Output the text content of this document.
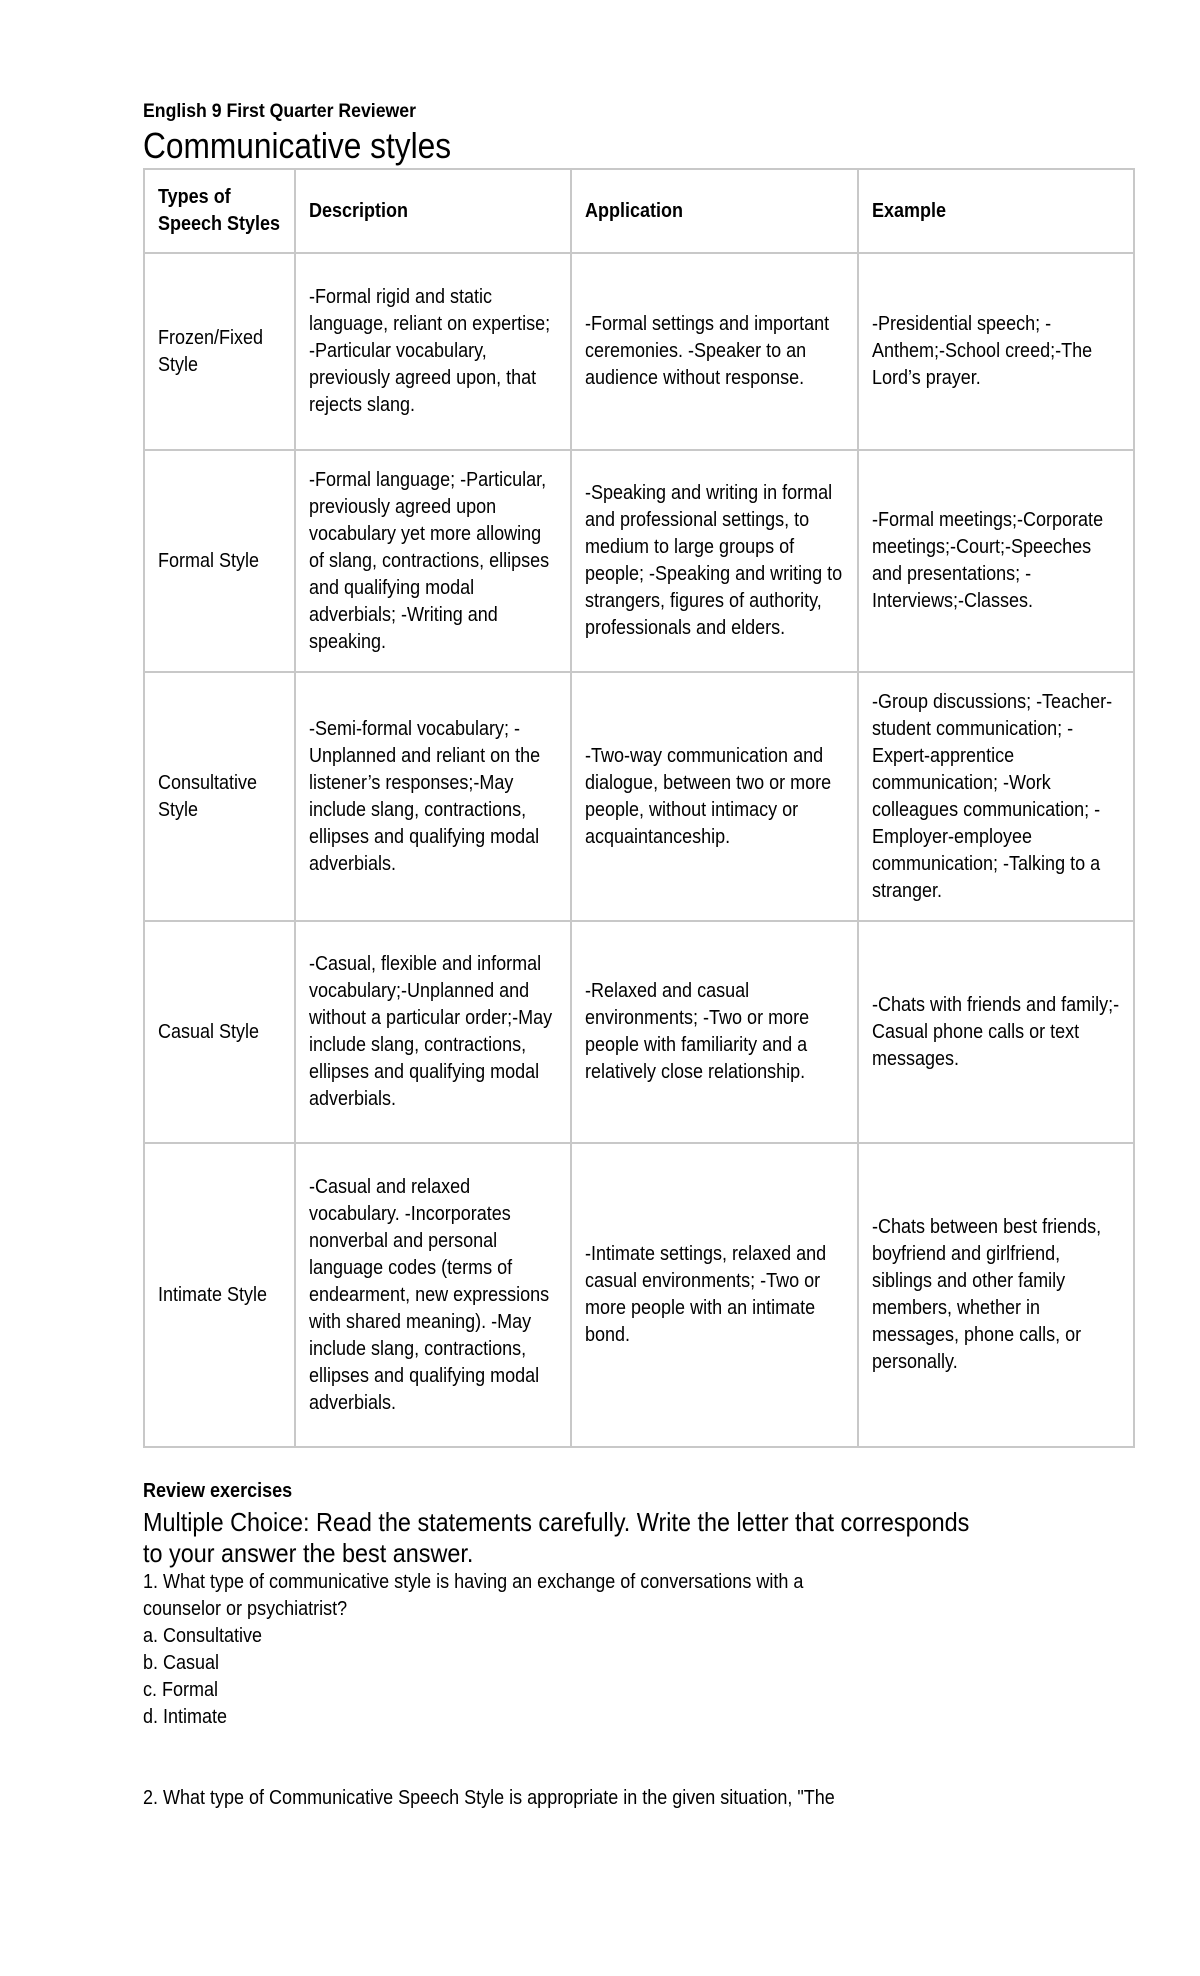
English 9 First Quarter Reviewer
Communicative styles
Types of Speech Styles	Description	Application	Example

Frozen/Fixed Style	-Formal rigid and static language, reliant on expertise; -Particular vocabulary, previously agreed upon, that rejects slang.	-Formal settings and important ceremonies. -Speaker to an audience without response.	-Presidential speech; -Anthem;-School creed;-The Lord’s prayer.

Formal Style	-Formal language; -Particular, previously agreed upon vocabulary yet more allowing of slang, contractions, ellipses and qualifying modal adverbials; -Writing and speaking.	-Speaking and writing in formal and professional settings, to medium to large groups of people; -Speaking and writing to strangers, figures of authority, professionals and elders.	-Formal meetings;-Corporate meetings;-Court;-Speeches and presentations; -Interviews;-Classes.

Consultative Style	-Semi-formal vocabulary; -Unplanned and reliant on the listener’s responses;-May include slang, contractions, ellipses and qualifying modal adverbials.	-Two-way communication and dialogue, between two or more people, without intimacy or acquaintanceship.	-Group discussions; -Teacher-student communication; -Expert-apprentice communication; -Work colleagues communication; -Employer-employee communication; -Talking to a stranger.

Casual Style	-Casual, flexible and informal vocabulary;-Unplanned and without a particular order;-May include slang, contractions, ellipses and qualifying modal adverbials.	-Relaxed and casual environments; -Two or more people with familiarity and a relatively close relationship.	-Chats with friends and family;-Casual phone calls or text messages.

Intimate Style	-Casual and relaxed vocabulary. -Incorporates nonverbal and personal language codes (terms of endearment, new expressions with shared meaning). -May include slang, contractions, ellipses and qualifying modal adverbials.	-Intimate settings, relaxed and casual environments; -Two or more people with an intimate bond.	-Chats between best friends, boyfriend and girlfriend, siblings and other family members, whether in messages, phone calls, or personally.

Review exercises

Multiple Choice: Read the statements carefully. Write the letter that corresponds to your answer the best answer.

1. What type of communicative style is having an exchange of conversations with a counselor or psychiatrist?

a. Consultative
b. Casual
c. Formal
d. Intimate

2. What type of Communicative Speech Style is appropriate in the given situation, "The
